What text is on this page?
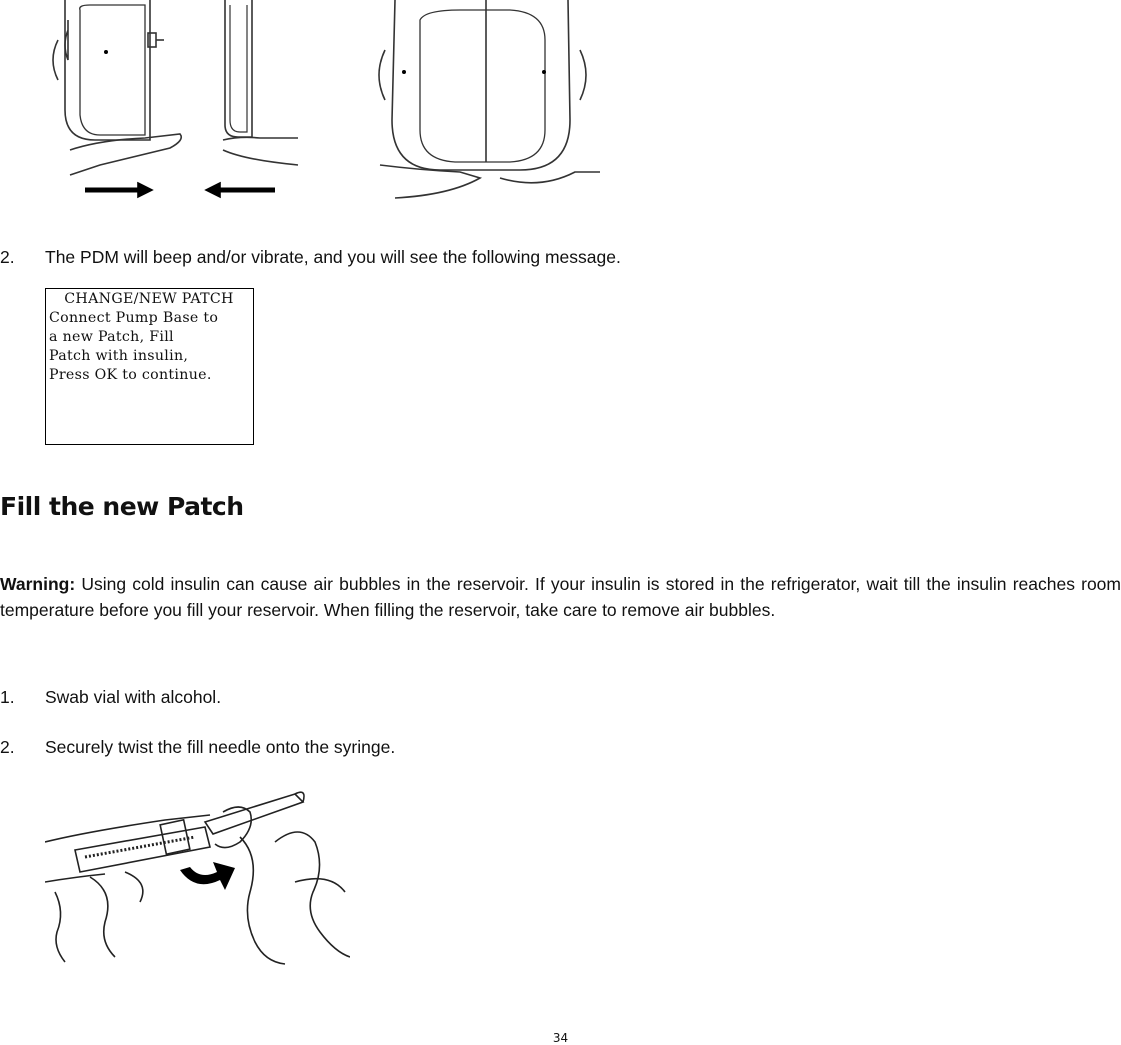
2. The PDM will beep and/or vibrate, and you will see the following message.
CHANGE/NEW PATCH
Connect Pump Base to
a new Patch, Fill
Patch with insulin,
Press OK to continue.
Fill the new Patch
Warning: Using cold insulin can cause air bubbles in the reservoir. If your insulin is stored in the refrigerator, wait till the insulin reaches room temperature before you fill your reservoir. When filling the reservoir, take care to remove air bubbles.
1. Swab vial with alcohol.
2. Securely twist the fill needle onto the syringe.
34
